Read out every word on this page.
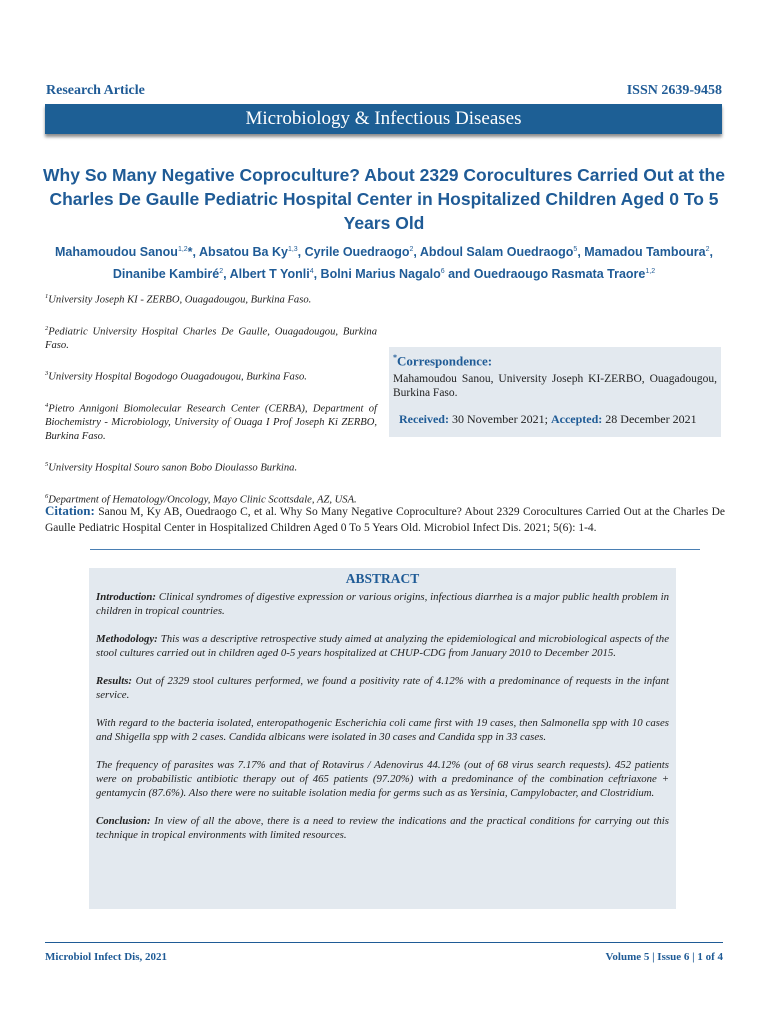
Research Article	ISSN 2639-9458
Microbiology & Infectious Diseases
Why So Many Negative Coproculture? About 2329 Corocultures Carried Out at the Charles De Gaulle Pediatric Hospital Center in Hospitalized Children Aged 0 To 5 Years Old
Mahamoudou Sanou$^{1,2}$*, Absatou Ba Ky$^{1,3}$, Cyrile Ouedraogo$^2$, Abdoul Salam Ouedraogo$^5$, Mamadou Tamboura$^2$, Dinanibe Kambiré$^2$, Albert T Yonli$^4$, Bolni Marius Nagalo$^6$ and Ouedraougo Rasmata Traore$^{1,2}$

$^1$University Joseph KI - ZERBO, Ouagadougou, Burkina Faso.

$^2$Pediatric University Hospital Charles De Gaulle, Ouagadougou, Burkina Faso.

$^3$University Hospital Bogodogo Ouagadougou, Burkina Faso.

$^4$Pietro Annigoni Biomolecular Research Center (CERBA), Department of Biochemistry - Microbiology, University of Ouaga I Prof Joseph Ki ZERBO, Burkina Faso.

$^5$University Hospital Souro sanon Bobo Dioulasso Burkina.

$^6$Department of Hematology/Oncology, Mayo Clinic Scottsdale, AZ, USA.

*Correspondence:
Mahamoudou Sanou, University Joseph KI-ZERBO, Ouagadougou, Burkina Faso.
Received: 30 November 2021; Accepted: 28 December 2021
Citation: Sanou M, Ky AB, Ouedraogo C, et al. Why So Many Negative Coproculture? About 2329 Corocultures Carried Out at the Charles De Gaulle Pediatric Hospital Center in Hospitalized Children Aged 0 To 5 Years Old. Microbiol Infect Dis. 2021; 5(6): 1-4.
ABSTRACT

Introduction: Clinical syndromes of digestive expression or various origins, infectious diarrhea is a major public health problem in children in tropical countries.

Methodology: This was a descriptive retrospective study aimed at analyzing the epidemiological and microbiological aspects of the stool cultures carried out in children aged 0-5 years hospitalized at CHUP-CDG from January 2010 to December 2015.

Results: Out of 2329 stool cultures performed, we found a positivity rate of 4.12% with a predominance of requests in the infant service.

With regard to the bacteria isolated, enteropathogenic Escherichia coli came first with 19 cases, then Salmonella spp with 10 cases and Shigella spp with 2 cases. Candida albicans were isolated in 30 cases and Candida spp in 33 cases.

The frequency of parasites was 7.17% and that of Rotavirus / Adenovirus 44.12% (out of 68 virus search requests). 452 patients were on probabilistic antibiotic therapy out of 465 patients (97.20%) with a predominance of the combination ceftriaxone + gentamycin (87.6%). Also there were no suitable isolation media for germs such as as Yersinia, Campylobacter, and Clostridium.

Conclusion: In view of all the above, there is a need to review the indications and the practical conditions for carrying out this technique in tropical environments with limited resources.

Microbiol Infect Dis, 2021	Volume 5 | Issue 6 | 1 of 4
